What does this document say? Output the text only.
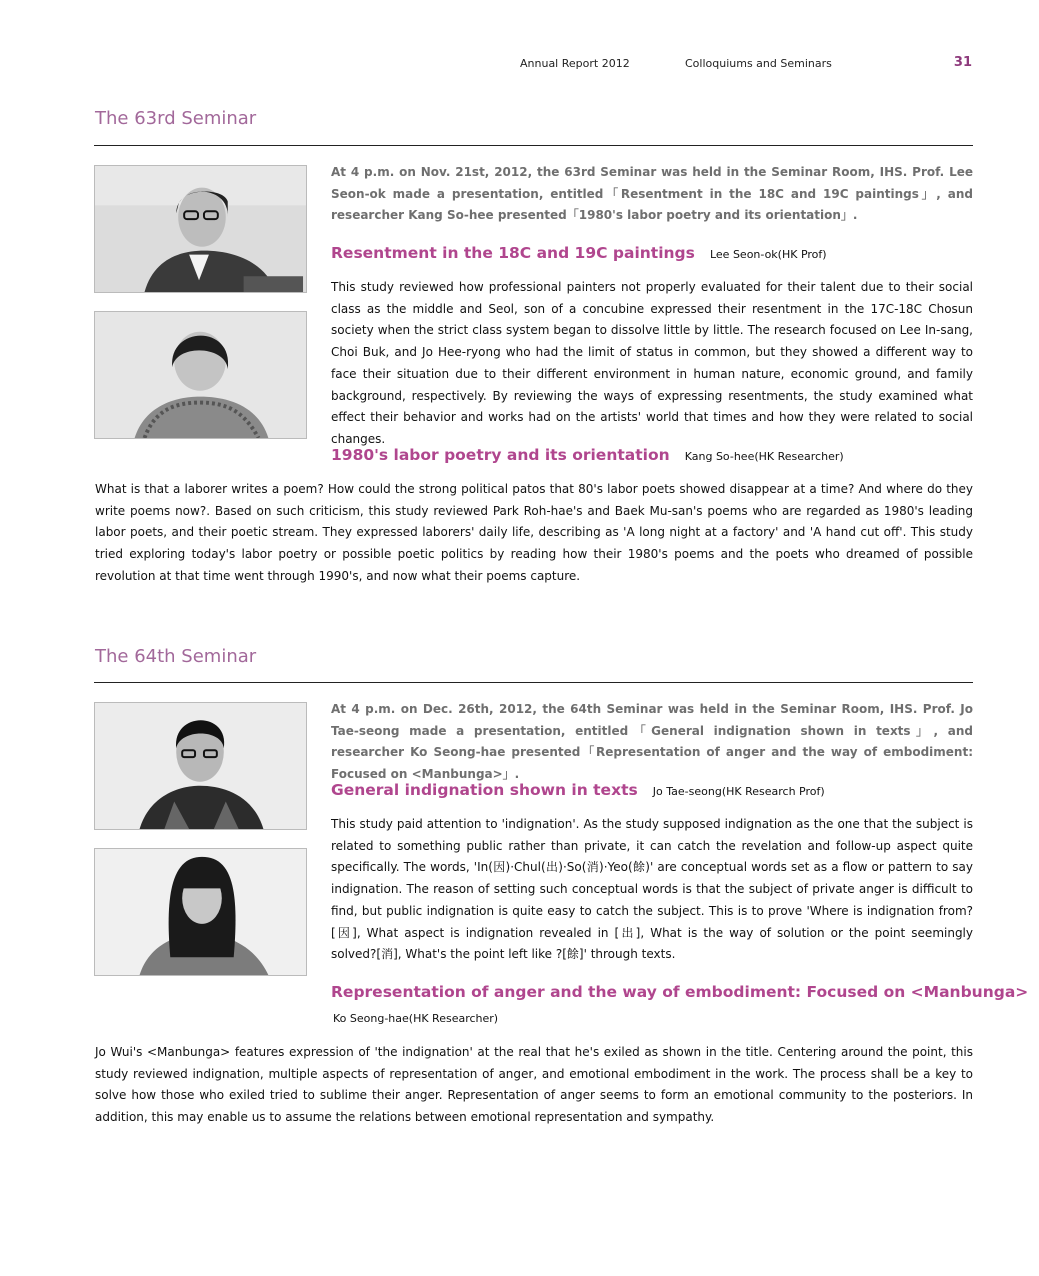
Annual Report 2012	Colloquiums and Seminars	31
The 63rd Seminar

At 4 p.m. on Nov. 21st, 2012, the 63rd Seminar was held in the Seminar Room, IHS. Prof. Lee Seon-ok made a presentation, entitled「Resentment in the 18C and 19C paintings」, and researcher Kang So-hee presented「1980's labor poetry and its orientation」.

Resentment in the 18C and 19C paintings Lee Seon-ok(HK Prof)

This study reviewed how professional painters not properly evaluated for their talent due to their social class as the middle and Seol, son of a concubine expressed their resentment in the 17C-18C Chosun society when the strict class system began to dissolve little by little. The research focused on Lee In-sang, Choi Buk, and Jo Hee-ryong who had the limit of status in common, but they showed a different way to face their situation due to their different environment in human nature, economic ground, and family background, respectively. By reviewing the ways of expressing resentments, the study examined what effect their behavior and works had on the artists' world that times and how they were related to social changes.

1980's labor poetry and its orientation Kang So-hee(HK Researcher)

What is that a laborer writes a poem? How could the strong political patos that 80's labor poets showed disappear at a time? And where do they write poems now?. Based on such criticism, this study reviewed Park Roh-hae's and Baek Mu-san's poems who are regarded as 1980's leading labor poets, and their poetic stream. They expressed laborers' daily life, describing as 'A long night at a factory' and 'A hand cut off'. This study tried exploring today's labor poetry or possible poetic politics by reading how their 1980's poems and the poets who dreamed of possible revolution at that time went through 1990's, and now what their poems capture.

The 64th Seminar

At 4 p.m. on Dec. 26th, 2012, the 64th Seminar was held in the Seminar Room, IHS. Prof. Jo Tae-seong made a presentation, entitled「General indignation shown in texts」, and researcher Ko Seong-hae presented「Representation of anger and the way of embodiment: Focused on <Manbunga>」.

General indignation shown in texts Jo Tae-seong(HK Research Prof)

This study paid attention to 'indignation'. As the study supposed indignation as the one that the subject is related to something public rather than private, it can catch the revelation and follow-up aspect quite specifically. The words, 'In(因)·Chul(出)·So(消)·Yeo(餘)' are conceptual words set as a flow or pattern to say indignation. The reason of setting such conceptual words is that the subject of private anger is difficult to find, but public indignation is quite easy to catch the subject. This is to prove 'Where is indignation from?[因], What aspect is indignation revealed in [出], What is the way of solution or the point seemingly solved?[消], What's the point left like ?[餘]' through texts.

Representation of anger and the way of embodiment: Focused on <Manbunga>
Ko Seong-hae(HK Researcher)

Jo Wui's <Manbunga> features expression of 'the indignation' at the real that he's exiled as shown in the title. Centering around the point, this study reviewed indignation, multiple aspects of representation of anger, and emotional embodiment in the work. The process shall be a key to solve how those who exiled tried to sublime their anger. Representation of anger seems to form an emotional community to the posteriors. In addition, this may enable us to assume the relations between emotional representation and sympathy.
